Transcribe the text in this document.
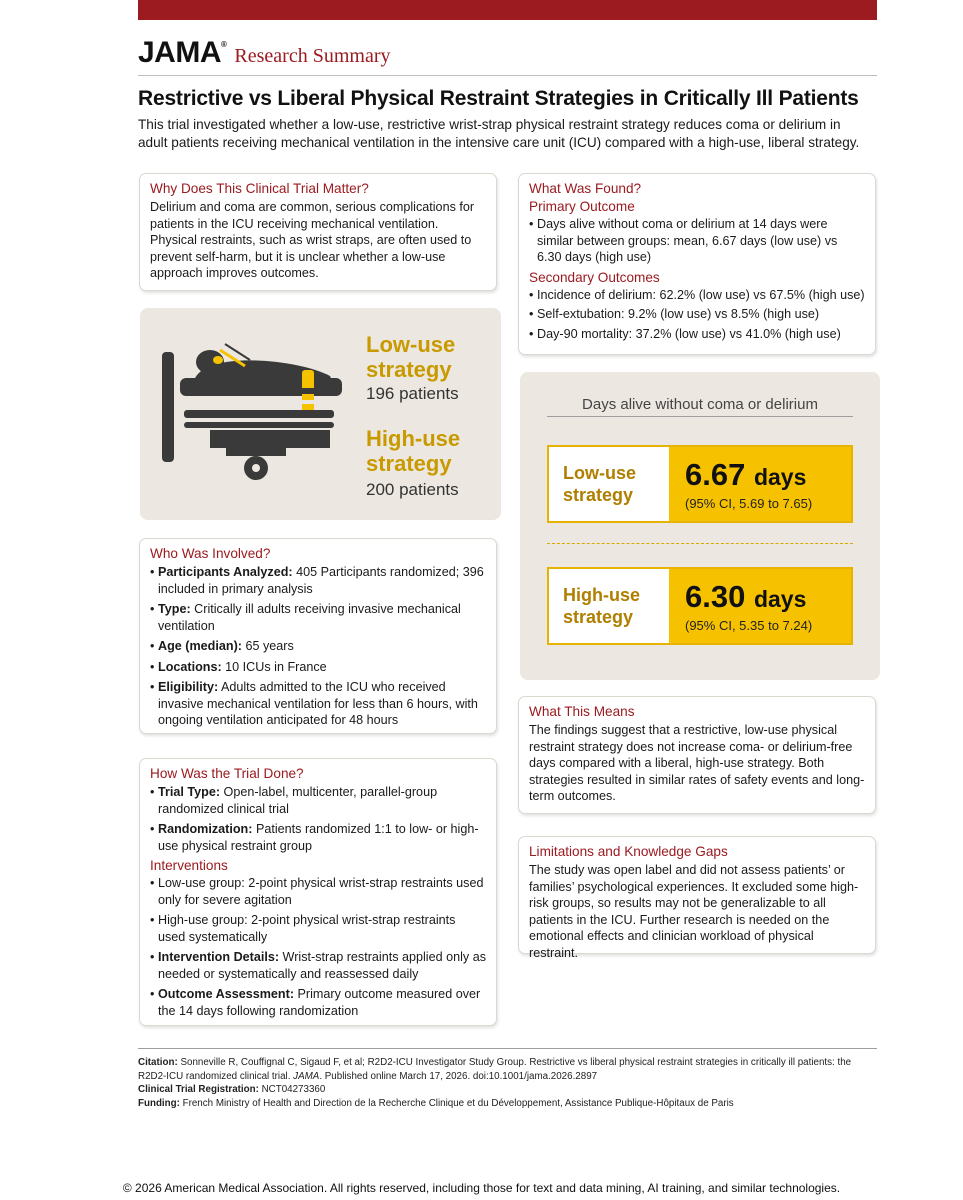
JAMA®
Research Summary
Restrictive vs Liberal Physical Restraint Strategies in Critically Ill Patients

This trial investigated whether a low-use, restrictive wrist-strap physical restraint strategy reduces coma or delirium in adult patients receiving mechanical ventilation in the intensive care unit (ICU) compared with a high-use, liberal strategy.

Why Does This Clinical Trial Matter?

Delirium and coma are common, serious complications for patients in the ICU receiving mechanical ventilation. Physical restraints, such as wrist straps, are often used to prevent self-harm, but it is unclear whether a low-use approach improves outcomes.

Low-use strategy
196 patients
High-use strategy
200 patients
What Was Found?
Primary Outcome
• Days alive without coma or delirium at 14 days were similar between groups: mean, 6.67 days (low use) vs 6.30 days (high use)
Secondary Outcomes
• Incidence of delirium: 62.2% (low use) vs 67.5% (high use)
• Self-extubation: 9.2% (low use) vs 8.5% (high use)
• Day-90 mortality: 37.2% (low use) vs 41.0% (high use)
Days alive without coma or delirium
Low-use strategy
6.67 days
(95% CI, 5.69 to 7.65)
High-use strategy
6.30 days
(95% CI, 5.35 to 7.24)
Who Was Involved?
• Participants Analyzed: 405 Participants randomized; 396 included in primary analysis
• Type: Critically ill adults receiving invasive mechanical ventilation
• Age (median): 65 years
• Locations: 10 ICUs in France
• Eligibility: Adults admitted to the ICU who received invasive mechanical ventilation for less than 6 hours, with ongoing ventilation anticipated for 48 hours
How Was the Trial Done?
• Trial Type: Open-label, multicenter, parallel-group randomized clinical trial
• Randomization: Patients randomized 1:1 to low- or high-use physical restraint group
Interventions
• Low-use group: 2-point physical wrist-strap restraints used only for severe agitation
• High-use group: 2-point physical wrist-strap restraints used systematically
• Intervention Details: Wrist-strap restraints applied only as needed or systematically and reassessed daily
• Outcome Assessment: Primary outcome measured over the 14 days following randomization
What This Means

The findings suggest that a restrictive, low-use physical restraint strategy does not increase coma- or delirium-free days compared with a liberal, high-use strategy. Both strategies resulted in similar rates of safety events and long-term outcomes.

Limitations and Knowledge Gaps

The study was open label and did not assess patients’ or families’ psychological experiences. It excluded some high-risk groups, so results may not be generalizable to all patients in the ICU. Further research is needed on the emotional effects and clinician workload of physical restraint.

Citation: Sonneville R, Couffignal C, Sigaud F, et al; R2D2-ICU Investigator Study Group. Restrictive vs liberal physical restraint strategies in critically ill patients: the R2D2-ICU randomized clinical trial. JAMA. Published online March 17, 2026. doi:10.1001/jama.2026.2897
Clinical Trial Registration: NCT04273360
Funding: French Ministry of Health and Direction de la Recherche Clinique et du Développement, Assistance Publique-Hôpitaux de Paris
© 2026 American Medical Association. All rights reserved, including those for text and data mining, AI training, and similar technologies.
